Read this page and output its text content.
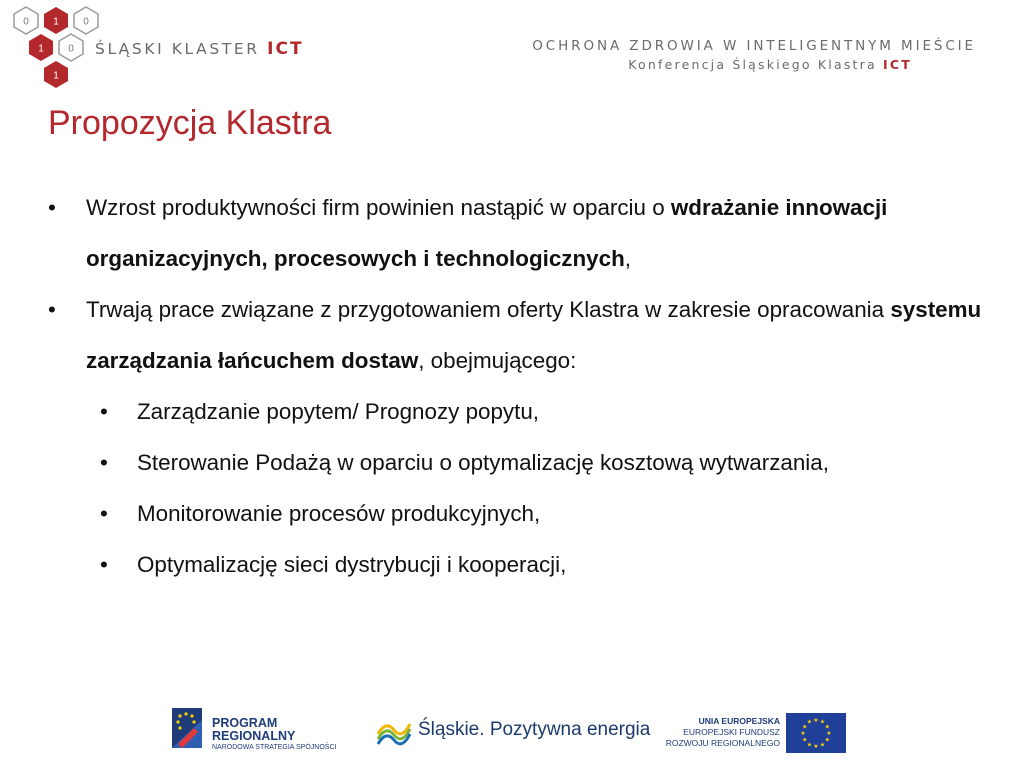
0 1 0
1 0
1
ŚLĄSKI KLASTER ICT	OCHRONA ZDROWIA W INTELIGENTNYM MIEŚCIE
Konferencja Śląskiego Klastra ICT
Propozycja Klastra
• Wzrost produktywności firm powinien nastąpić w oparciu o wdrażanie innowacji organizacyjnych, procesowych i technologicznych,
• Trwają prace związane z przygotowaniem oferty Klastra w zakresie opracowania systemu zarządzania łańcuchem dostaw, obejmującego:
• Zarządzanie popytem/ Prognozy popytu,
• Sterowanie Podażą w oparciu o optymalizację kosztową wytwarzania,
• Monitorowanie procesów produkcyjnych,
• Optymalizację sieci dystrybucji i kooperacji,
PROGRAM
REGIONALNY
NARODOWA STRATEGIA SPÓJNOŚCI
Śląskie. Pozytywna energia	UNIA EUROPEJSKA
EUROPEJSKI FUNDUSZ
ROZWOJU REGIONALNEGO
★ ★
★
★
★
★
★
★
★
★
★
★
